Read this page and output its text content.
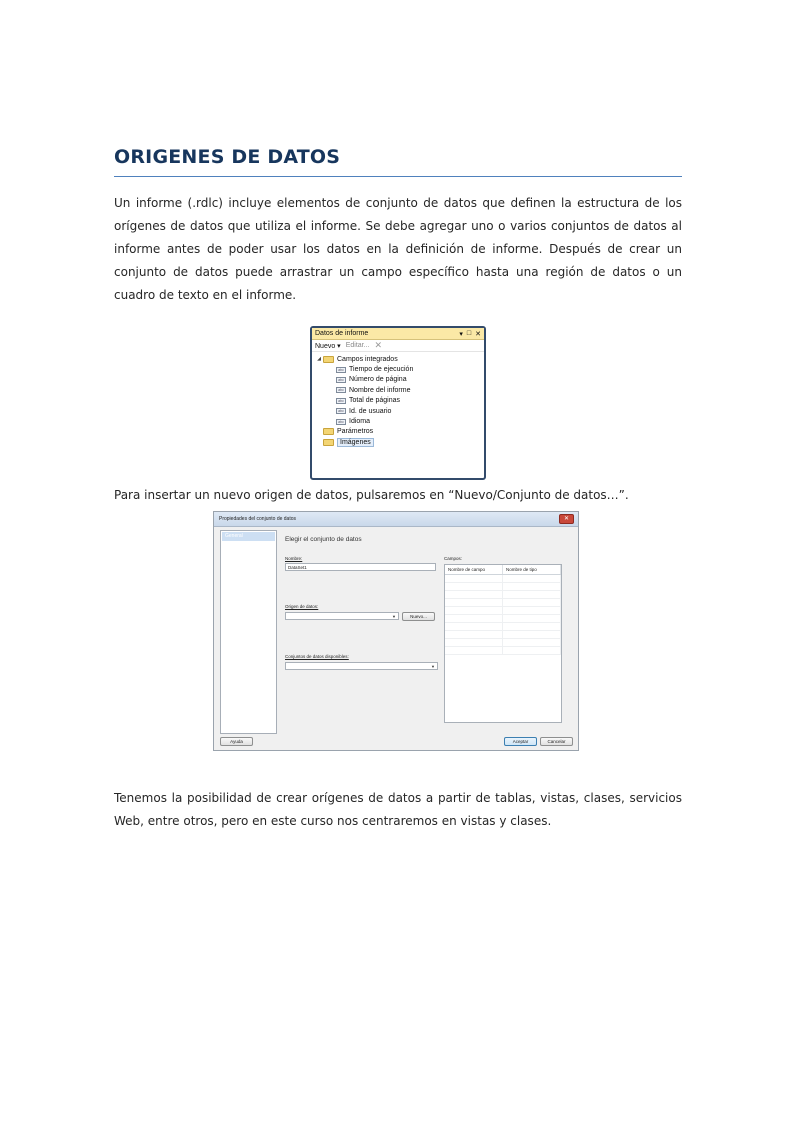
ORIGENES DE DATOS
Un informe (.rdlc) incluye elementos de conjunto de datos que definen la estructura de los orígenes de datos que utiliza el informe. Se debe agregar uno o varios conjuntos de datos al informe antes de poder usar los datos en la definición de informe. Después de crear un conjunto de datos puede arrastrar un campo específico hasta una región de datos o un cuadro de texto en el informe.
Datos de informe	▾ □ ✕
Nuevo ▾ Editar... ✕
◢ Campos integrados
abc Tiempo de ejecución
abc Número de página
abc Nombre del informe
abc Total de páginas
abc Id. de usuario
abc Idioma
Parámetros
Imágenes
Para insertar un nuevo origen de datos, pulsaremos en “Nuevo/Conjunto de datos…”.
Propiedades del conjunto de datos	✕
General	Elegir el conjunto de datos
Nombre:
DataSet1
Origen de datos:
▼	Nuevo...
Conjuntos de datos disponibles:
▼
Campos:
Nombre de campo	Nombre de tipo
Ayuda	Aceptar	Cancelar
Tenemos la posibilidad de crear orígenes de datos a partir de tablas, vistas, clases, servicios Web, entre otros, pero en este curso nos centraremos en vistas y clases.
